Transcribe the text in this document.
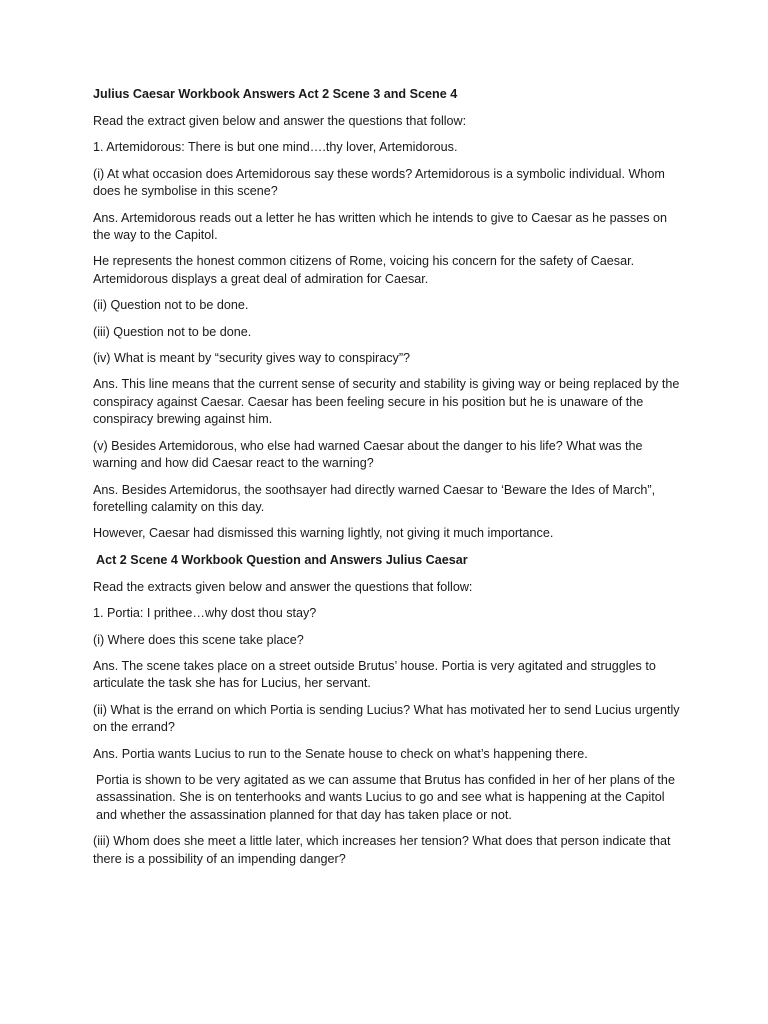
Julius Caesar Workbook Answers Act 2 Scene 3 and Scene 4

Read the extract given below and answer the questions that follow:

1. Artemidorous: There is but one mind….thy lover, Artemidorous.

(i) At what occasion does Artemidorous say these words? Artemidorous is a symbolic individual. Whom does he symbolise in this scene?

Ans. Artemidorous reads out a letter he has written which he intends to give to Caesar as he passes on the way to the Capitol.

He represents the honest common citizens of Rome, voicing his concern for the safety of Caesar. Artemidorous displays a great deal of admiration for Caesar.

(ii) Question not to be done.

(iii) Question not to be done.

(iv) What is meant by “security gives way to conspiracy”?

Ans. This line means that the current sense of security and stability is giving way or being replaced by the conspiracy against Caesar. Caesar has been feeling secure in his position but he is unaware of the conspiracy brewing against him.

(v) Besides Artemidorous, who else had warned Caesar about the danger to his life? What was the warning and how did Caesar react to the warning?

Ans. Besides Artemidorus, the soothsayer had directly warned Caesar to ‘Beware the Ides of March”, foretelling calamity on this day.

However, Caesar had dismissed this warning lightly, not giving it much importance.

Act 2 Scene 4 Workbook Question and Answers Julius Caesar

Read the extracts given below and answer the questions that follow:

1. Portia: I prithee…why dost thou stay?

(i) Where does this scene take place?

Ans. The scene takes place on a street outside Brutus’ house. Portia is very agitated and struggles to articulate the task she has for Lucius, her servant.

(ii) What is the errand on which Portia is sending Lucius? What has motivated her to send Lucius urgently on the errand?

Ans. Portia wants Lucius to run to the Senate house to check on what’s happening there.

Portia is shown to be very agitated as we can assume that Brutus has confided in her of her plans of the assassination. She is on tenterhooks and wants Lucius to go and see what is happening at the Capitol and whether the assassination planned for that day has taken place or not.

(iii) Whom does she meet a little later, which increases her tension? What does that person indicate that there is a possibility of an impending danger?
